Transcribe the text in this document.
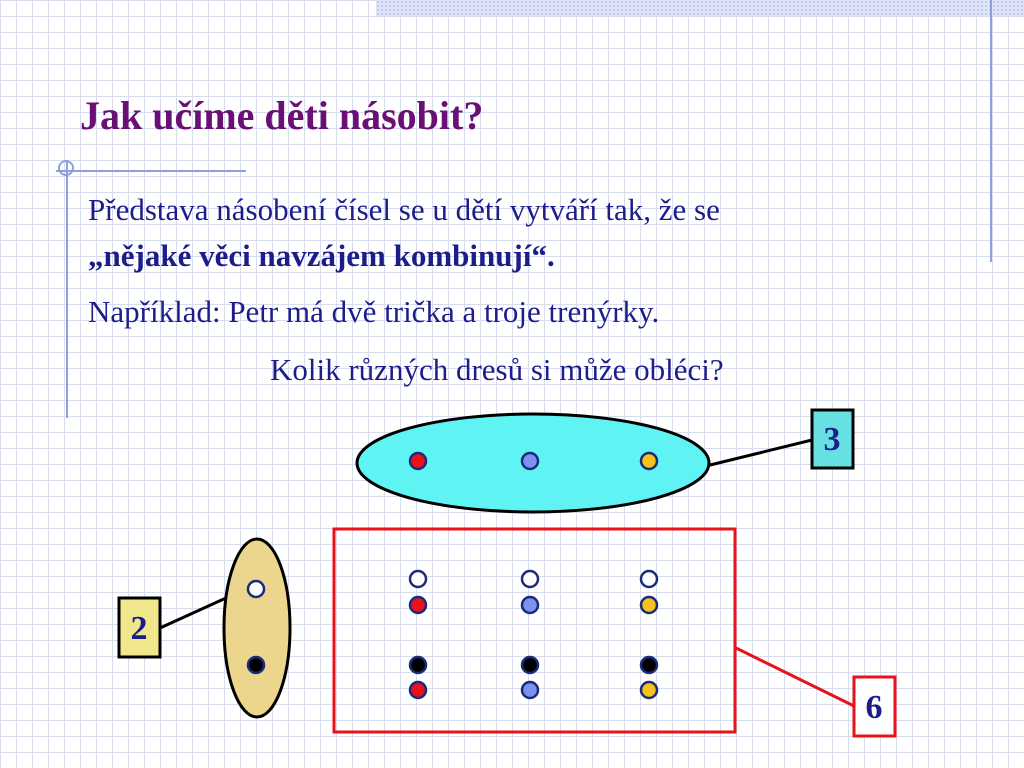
Jak učíme děti násobit?
Představa násobení čísel se u dětí vytváří tak, že se
„nějaké věci navzájem kombinují“.
Například: Petr má dvě trička a troje trenýrky.
Kolik různých dresů si může obléci?
3
2
6
